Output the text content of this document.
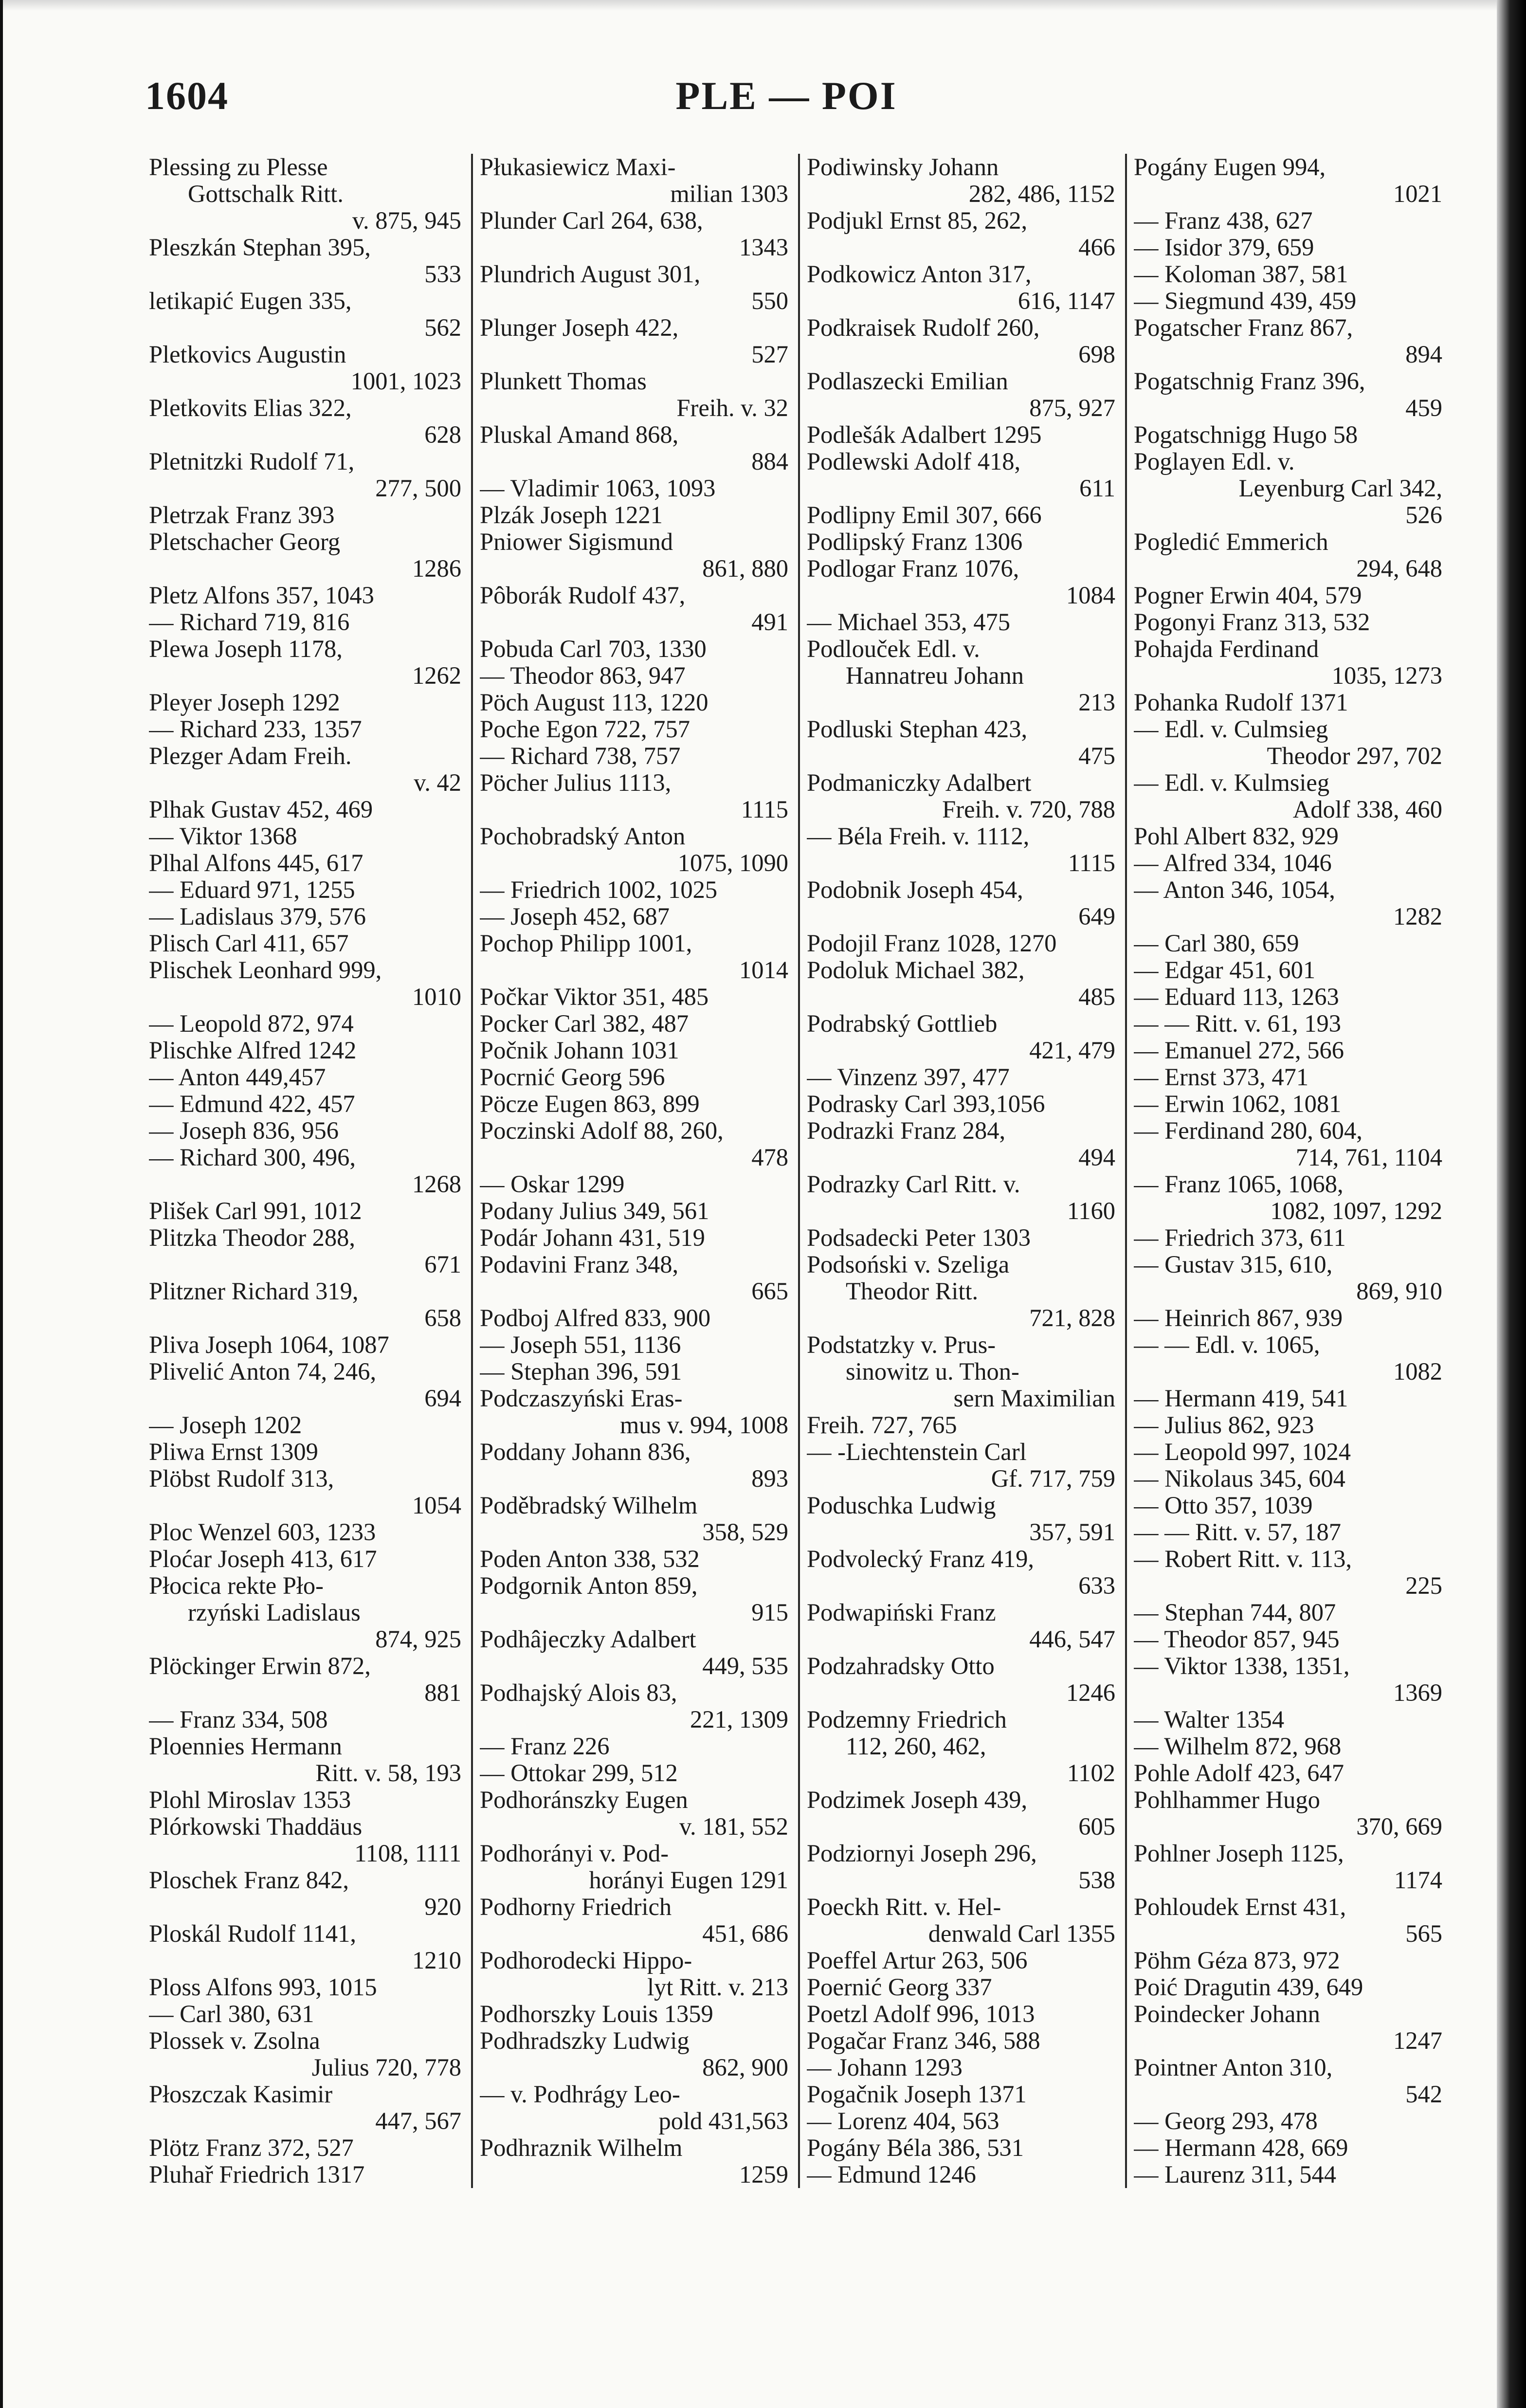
1604	PLE — POI
Plessing zu Plesse
Gottschalk Ritt.
v. 875, 945
Pleszkán Stephan 395,
533
letikapić Eugen 335,
562
Pletkovics Augustin
1001, 1023
Pletkovits Elias 322,
628
Pletnitzki Rudolf 71,
277, 500
Pletrzak Franz 393
Pletschacher Georg
1286
Pletz Alfons 357, 1043
— Richard 719, 816
Plewa Joseph 1178,
1262
Pleyer Joseph 1292
— Richard 233, 1357
Plezger Adam Freih.
v. 42
Plhak Gustav 452, 469
— Viktor 1368
Plhal Alfons 445, 617
— Eduard 971, 1255
— Ladislaus 379, 576
Plisch Carl 411, 657
Plischek Leonhard 999,
1010
— Leopold 872, 974
Plischke Alfred 1242
— Anton 449,457
— Edmund 422, 457
— Joseph 836, 956
— Richard 300, 496,
1268
Plišek Carl 991, 1012
Plitzka Theodor 288,
671
Plitzner Richard 319,
658
Pliva Joseph 1064, 1087
Plivelić Anton 74, 246,
694
— Joseph 1202
Pliwa Ernst 1309
Plöbst Rudolf 313,
1054
Ploc Wenzel 603, 1233
Ploćar Joseph 413, 617
Płocica rekte Pło-
rzyński Ladislaus
874, 925
Plöckinger Erwin 872,
881
— Franz 334, 508
Ploennies Hermann
Ritt. v. 58, 193
Plohl Miroslav 1353
Plórkowski Thaddäus
1108, 1111
Ploschek Franz 842,
920
Ploskál Rudolf 1141,
1210
Ploss Alfons 993, 1015
— Carl 380, 631
Plossek v. Zsolna
Julius 720, 778
Płoszczak Kasimir
447, 567
Plötz Franz 372, 527
Pluhař Friedrich 1317
Płukasiewicz Maxi-
milian 1303
Plunder Carl 264, 638,
1343
Plundrich August 301,
550
Plunger Joseph 422,
527
Plunkett Thomas
Freih. v. 32
Pluskal Amand 868,
884
— Vladimir 1063, 1093
Plzák Joseph 1221
Pniower Sigismund
861, 880
Pôborák Rudolf 437,
491
Pobuda Carl 703, 1330
— Theodor 863, 947
Pöch August 113, 1220
Poche Egon 722, 757
— Richard 738, 757
Pöcher Julius 1113,
1115
Pochobradský Anton
1075, 1090
— Friedrich 1002, 1025
— Joseph 452, 687
Pochop Philipp 1001,
1014
Počkar Viktor 351, 485
Pocker Carl 382, 487
Počnik Johann 1031
Pocrnić Georg 596
Pöcze Eugen 863, 899
Poczinski Adolf 88, 260,
478
— Oskar 1299
Podany Julius 349, 561
Podár Johann 431, 519
Podavini Franz 348,
665
Podboj Alfred 833, 900
— Joseph 551, 1136
— Stephan 396, 591
Podczaszyński Eras-
mus v. 994, 1008
Poddany Johann 836,
893
Poděbradský Wilhelm
358, 529
Poden Anton 338, 532
Podgornik Anton 859,
915
Podhâjeczky Adalbert
449, 535
Podhajský Alois 83,
221, 1309
— Franz 226
— Ottokar 299, 512
Podhoránszky Eugen
v. 181, 552
Podhorányi v. Pod-
horányi Eugen 1291
Podhorny Friedrich
451, 686
Podhorodecki Hippo-
lyt Ritt. v. 213
Podhorszky Louis 1359
Podhradszky Ludwig
862, 900
— v. Podhrágy Leo-
pold 431,563
Podhraznik Wilhelm
1259
Podiwinsky Johann
282, 486, 1152
Podjukl Ernst 85, 262,
466
Podkowicz Anton 317,
616, 1147
Podkraisek Rudolf 260,
698
Podlaszecki Emilian
875, 927
Podlešák Adalbert 1295
Podlewski Adolf 418,
611
Podlipny Emil 307, 666
Podlipský Franz 1306
Podlogar Franz 1076,
1084
— Michael 353, 475
Podlouček Edl. v.
Hannatreu Johann
213
Podluski Stephan 423,
475
Podmaniczky Adalbert
Freih. v. 720, 788
— Béla Freih. v. 1112,
1115
Podobnik Joseph 454,
649
Podojil Franz 1028, 1270
Podoluk Michael 382,
485
Podrabský Gottlieb
421, 479
— Vinzenz 397, 477
Podrasky Carl 393,1056
Podrazki Franz 284,
494
Podrazky Carl Ritt. v.
1160
Podsadecki Peter 1303
Podsoński v. Szeliga
Theodor Ritt.
721, 828
Podstatzky v. Prus-
sinowitz u. Thon-
sern Maximilian
Freih. 727, 765
— -Liechtenstein Carl
Gf. 717, 759
Poduschka Ludwig
357, 591
Podvolecký Franz 419,
633
Podwapiński Franz
446, 547
Podzahradsky Otto
1246
Podzemny Friedrich
112, 260, 462,
1102
Podzimek Joseph 439,
605
Podziornyi Joseph 296,
538
Poeckh Ritt. v. Hel-
denwald Carl 1355
Poeffel Artur 263, 506
Poernić Georg 337
Poetzl Adolf 996, 1013
Pogačar Franz 346, 588
— Johann 1293
Pogačnik Joseph 1371
— Lorenz 404, 563
Pogány Béla 386, 531
— Edmund 1246
Pogány Eugen 994,
1021
— Franz 438, 627
— Isidor 379, 659
— Koloman 387, 581
— Siegmund 439, 459
Pogatscher Franz 867,
894
Pogatschnig Franz 396,
459
Pogatschnigg Hugo 58
Poglayen Edl. v.
Leyenburg Carl 342,
526
Pogledić Emmerich
294, 648
Pogner Erwin 404, 579
Pogonyi Franz 313, 532
Pohajda Ferdinand
1035, 1273
Pohanka Rudolf 1371
— Edl. v. Culmsieg
Theodor 297, 702
— Edl. v. Kulmsieg
Adolf 338, 460
Pohl Albert 832, 929
— Alfred 334, 1046
— Anton 346, 1054,
1282
— Carl 380, 659
— Edgar 451, 601
— Eduard 113, 1263
— — Ritt. v. 61, 193
— Emanuel 272, 566
— Ernst 373, 471
— Erwin 1062, 1081
— Ferdinand 280, 604,
714, 761, 1104
— Franz 1065, 1068,
1082, 1097, 1292
— Friedrich 373, 611
— Gustav 315, 610,
869, 910
— Heinrich 867, 939
— — Edl. v. 1065,
1082
— Hermann 419, 541
— Julius 862, 923
— Leopold 997, 1024
— Nikolaus 345, 604
— Otto 357, 1039
— — Ritt. v. 57, 187
— Robert Ritt. v. 113,
225
— Stephan 744, 807
— Theodor 857, 945
— Viktor 1338, 1351,
1369
— Walter 1354
— Wilhelm 872, 968
Pohle Adolf 423, 647
Pohlhammer Hugo
370, 669
Pohlner Joseph 1125,
1174
Pohloudek Ernst 431,
565
Pöhm Géza 873, 972
Poić Dragutin 439, 649
Poindecker Johann
1247
Pointner Anton 310,
542
— Georg 293, 478
— Hermann 428, 669
— Laurenz 311, 544
